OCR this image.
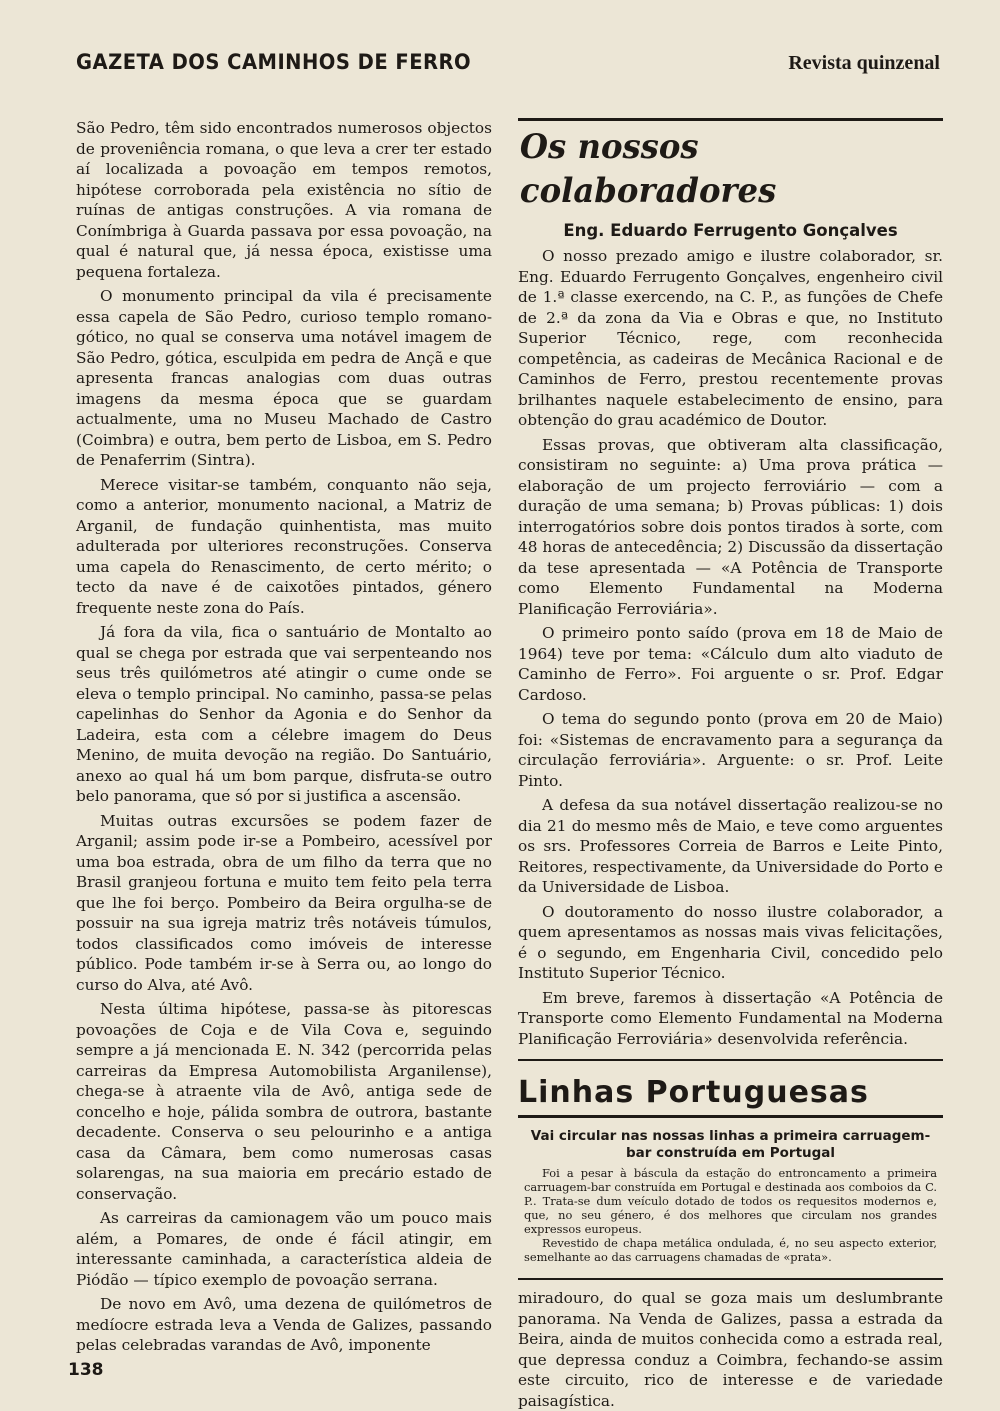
GAZETA DOS CAMINHOS DE FERRO	Revista quinzenal

São Pedro, têm sido encontrados numerosos objectos de proveniência romana, o que leva a crer ter estado aí localizada a povoação em tempos remotos, hipótese corroborada pela existência no sítio de ruínas de antigas construções. A via romana de Conímbriga à Guarda passava por essa povoação, na qual é natural que, já nessa época, existisse uma pequena fortaleza.

O monumento principal da vila é precisamente essa capela de São Pedro, curioso templo romano-gótico, no qual se conserva uma notável imagem de São Pedro, gótica, esculpida em pedra de Ançã e que apresenta francas analogias com duas outras imagens da mesma época que se guardam actualmente, uma no Museu Machado de Castro (Coimbra) e outra, bem perto de Lisboa, em S. Pedro de Penaferrim (Sintra).

Merece visitar-se também, conquanto não seja, como a anterior, monumento nacional, a Matriz de Arganil, de fundação quinhentista, mas muito adulterada por ulteriores reconstruções. Conserva uma capela do Renascimento, de certo mérito; o tecto da nave é de caixotões pintados, género frequente neste zona do País.

Já fora da vila, fica o santuário de Montalto ao qual se chega por estrada que vai serpenteando nos seus três quilómetros até atingir o cume onde se eleva o templo principal. No caminho, passa-se pelas capelinhas do Senhor da Agonia e do Senhor da Ladeira, esta com a célebre imagem do Deus Menino, de muita devoção na região. Do Santuário, anexo ao qual há um bom parque, disfruta-se outro belo panorama, que só por si justifica a ascensão.

Muitas outras excursões se podem fazer de Arganil; assim pode ir-se a Pombeiro, acessível por uma boa estrada, obra de um filho da terra que no Brasil granjeou fortuna e muito tem feito pela terra que lhe foi berço. Pombeiro da Beira orgulha-se de possuir na sua igreja matriz três notáveis túmulos, todos classificados como imóveis de interesse público. Pode também ir-se à Serra ou, ao longo do curso do Alva, até Avô.

Nesta última hipótese, passa-se às pitorescas povoações de Coja e de Vila Cova e, seguindo sempre a já mencionada E. N. 342 (percorrida pelas carreiras da Empresa Automobilista Arganilense), chega-se à atraente vila de Avô, antiga sede de concelho e hoje, pálida sombra de outrora, bastante decadente. Conserva o seu pelourinho e a antiga casa da Câmara, bem como numerosas casas solarengas, na sua maioria em precário estado de conservação.

As carreiras da camionagem vão um pouco mais além, a Pomares, de onde é fácil atingir, em interessante caminhada, a característica aldeia de Piódão — típico exemplo de povoação serrana.

De novo em Avô, uma dezena de quilómetros de medíocre estrada leva a Venda de Galizes, passando pelas celebradas varandas de Avô, imponente

Os nossos colaboradores
Eng. Eduardo Ferrugento Gonçalves

O nosso prezado amigo e ilustre colaborador, sr. Eng. Eduardo Ferrugento Gonçalves, engenheiro civil de 1.ª classe exercendo, na C. P., as funções de Chefe de 2.ª da zona da Via e Obras e que, no Instituto Superior Técnico, rege, com reconhecida competência, as cadeiras de Mecânica Racional e de Caminhos de Ferro, prestou recentemente provas brilhantes naquele estabelecimento de ensino, para obtenção do grau académico de Doutor.

Essas provas, que obtiveram alta classificação, consistiram no seguinte: a) Uma prova prática — elaboração de um projecto ferroviário — com a duração de uma semana; b) Provas públicas: 1) dois interrogatórios sobre dois pontos tirados à sorte, com 48 horas de antecedência; 2) Discussão da dissertação da tese apresentada — «A Potência de Transporte como Elemento Fundamental na Moderna Planificação Ferroviária».

O primeiro ponto saído (prova em 18 de Maio de 1964) teve por tema: «Cálculo dum alto viaduto de Caminho de Ferro». Foi arguente o sr. Prof. Edgar Cardoso.

O tema do segundo ponto (prova em 20 de Maio) foi: «Sistemas de encravamento para a segurança da circulação ferroviária». Arguente: o sr. Prof. Leite Pinto.

A defesa da sua notável dissertação realizou-se no dia 21 do mesmo mês de Maio, e teve como arguentes os srs. Professores Correia de Barros e Leite Pinto, Reitores, respectivamente, da Universidade do Porto e da Universidade de Lisboa.

O doutoramento do nosso ilustre colaborador, a quem apresentamos as nossas mais vivas felicitações, é o segundo, em Engenharia Civil, concedido pelo Instituto Superior Técnico.

Em breve, faremos à dissertação «A Potência de Transporte como Elemento Fundamental na Moderna Planificação Ferroviária» desenvolvida referência.

Linhas Portuguesas
Vai circular nas nossas linhas a primeira carruagem-bar construída em Portugal

Foi a pesar à báscula da estação do entroncamento a primeira carruagem-bar construída em Portugal e destinada aos comboios da C. P.. Trata-se dum veículo dotado de todos os requesitos modernos e, que, no seu género, é dos melhores que circulam nos grandes expressos europeus.

Revestido de chapa metálica ondulada, é, no seu aspecto exterior, semelhante ao das carruagens chamadas de «prata».

miradouro, do qual se goza mais um deslumbrante panorama. Na Venda de Galizes, passa a estrada da Beira, ainda de muitos conhecida como a estrada real, que depressa conduz a Coimbra, fechando-se assim este circuito, rico de interesse e de variedade paisagística.

138
